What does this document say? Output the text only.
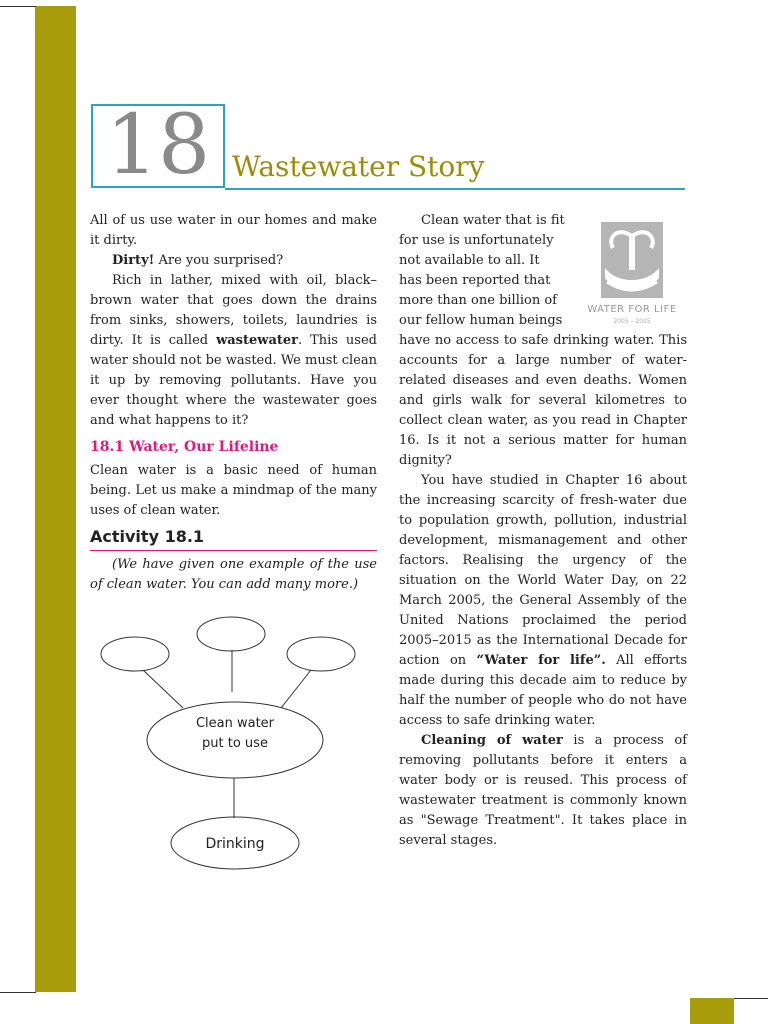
18 Wastewater Story

All of us use water in our homes and make it dirty.

Dirty! Are you surprised?

Rich in lather, mixed with oil, black–brown water that goes down the drains from sinks, showers, toilets, laundries is dirty. It is called wastewater. This used water should not be wasted. We must clean it up by removing pollutants. Have you ever thought where the wastewater goes and what happens to it?

18.1 Water, Our Lifeline

Clean water is a basic need of human being. Let us make a mindmap of the many uses of clean water.

Activity 18.1

(We have given one example of the use of clean water. You can add many more.)

Clean water
put to use
Drinking
WATER FOR LIFE
2005 – 2015

Clean water that is fit

for use is unfortunately

not available to all. It

has been reported that

more than one billion of

our fellow human beings

have no access to safe drinking water. This accounts for a large number of water-related diseases and even deaths. Women and girls walk for several kilometres to collect clean water, as you read in Chapter 16. Is it not a serious matter for human dignity?

You have studied in Chapter 16 about the increasing scarcity of fresh-water due to population growth, pollution, industrial development, mismanagement and other factors. Realising the urgency of the situation on the World Water Day, on 22 March 2005, the General Assembly of the United Nations proclaimed the period 2005–2015 as the International Decade for action on “Water for life”. All efforts made during this decade aim to reduce by half the number of people who do not have access to safe drinking water.

Cleaning of water is a process of removing pollutants before it enters a water body or is reused. This process of wastewater treatment is commonly known as "Sewage Treatment". It takes place in several stages.
